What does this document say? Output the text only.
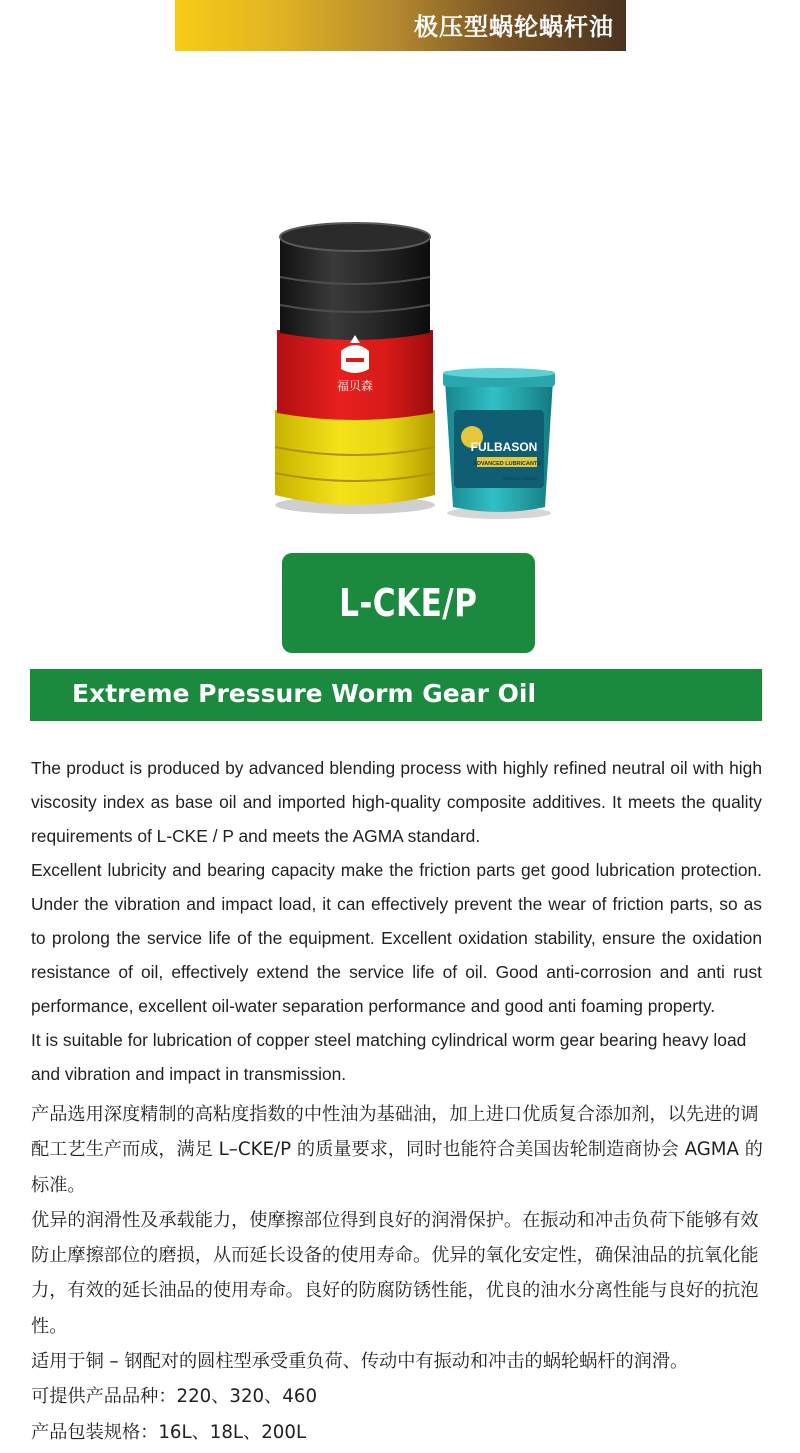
极压型蜗轮蜗杆油
福贝森
FULBASON
ADVANCED LUBRICANTS
American Quality
L-CKE/P
Extreme Pressure Worm Gear Oil

The product is produced by advanced blending process with highly refined neutral oil with high viscosity index as base oil and imported high-quality composite additives. It meets the quality requirements of L-CKE / P and meets the AGMA standard.

Excellent lubricity and bearing capacity make the friction parts get good lubrication protection. Under the vibration and impact load, it can effectively prevent the wear of friction parts, so as to prolong the service life of the equipment. Excellent oxidation stability, ensure the oxidation resistance of oil, effectively extend the service life of oil. Good anti-corrosion and anti rust performance, excellent oil-water separation performance and good anti foaming property.

It is suitable for lubrication of copper steel matching cylindrical worm gear bearing heavy load and vibration and impact in transmission.

产品选用深度精制的高粘度指数的中性油为基础油，加上进口优质复合添加剂，以先进的调配工艺生产而成，满足 L–CKE/P 的质量要求，同时也能符合美国齿轮制造商协会 AGMA 的标准。

优异的润滑性及承载能力，使摩擦部位得到良好的润滑保护。在振动和冲击负荷下能够有效防止摩擦部位的磨损，从而延长设备的使用寿命。优异的氧化安定性，确保油品的抗氧化能力，有效的延长油品的使用寿命。良好的防腐防锈性能，优良的油水分离性能与良好的抗泡性。

适用于铜 – 钢配对的圆柱型承受重负荷、传动中有振动和冲击的蜗轮蜗杆的润滑。

可提供产品品种：220、320、460

产品包装规格：16L、18L、200L
